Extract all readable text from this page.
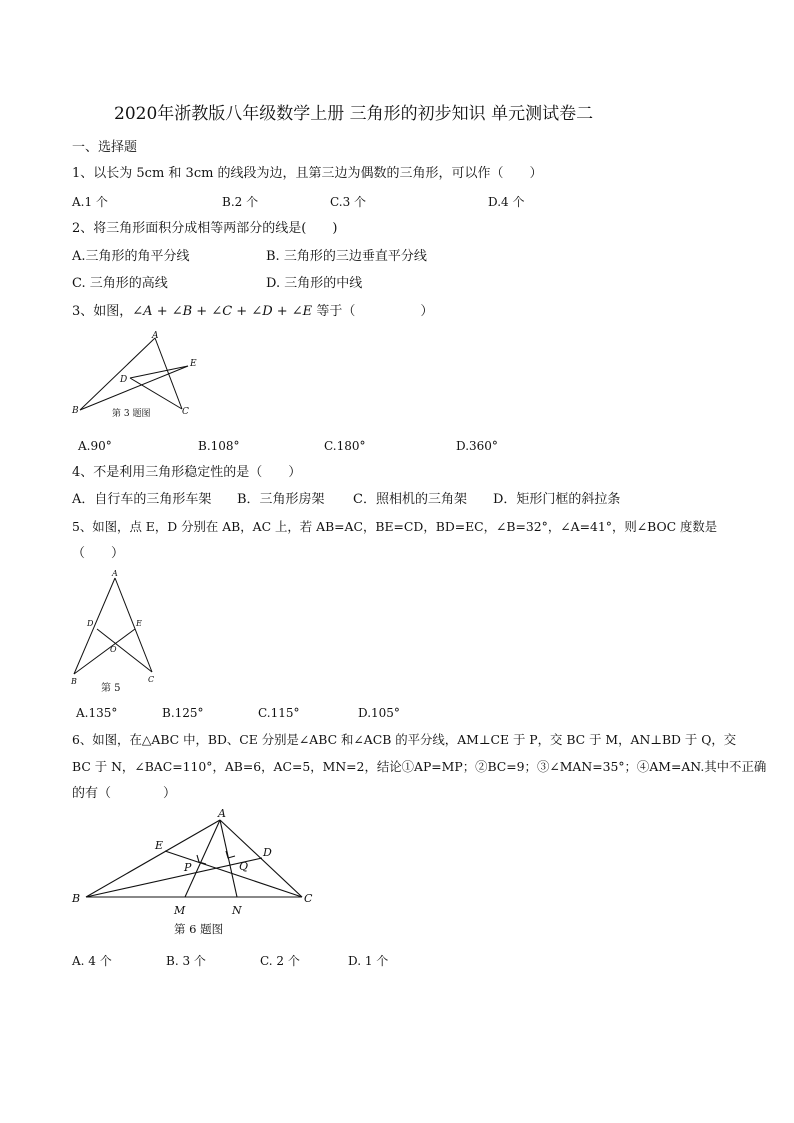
2020年浙教版八年级数学上册 三角形的初步知识 单元测试卷二
一、选择题
1、以长为 5cm 和 3cm 的线段为边，且第三边为偶数的三角形，可以作（　　）
A.1 个	B.2 个	C.3 个	D.4 个
2、将三角形面积分成相等两部分的线是(　　)
A.三角形的角平分线	B. 三角形的三边垂直平分线
C. 三角形的高线	D. 三角形的中线
3、如图，∠A + ∠B + ∠C + ∠D + ∠E 等于（　　　　　）
A
B	C
D
E
第 3 题图
A.90°	B.108°	C.180°	D.360°
4、不是利用三角形稳定性的是（　　）
A．自行车的三角形车架 B．三角形房架 C．照相机的三角架 D．矩形门框的斜拉条
5、如图，点 E，D 分别在 AB，AC 上，若 AB=AC，BE=CD，BD=EC，∠B=32°，∠A=41°，则∠BOC 度数是
（　　）
A
B	C
D	E
O
第 5
A.135°	B.125°	C.115°	D.105°
6、如图，在△ABC 中，BD、CE 分别是∠ABC 和∠ACB 的平分线，AM⊥CE 于 P，交 BC 于 M，AN⊥BD 于 Q，交
BC 于 N，∠BAC=110°，AB=6，AC=5，MN=2，结论①AP=MP；②BC=9；③∠MAN=35°；④AM=AN.其中不正确
的有（　　　　）
A
B	C
D
E
M	N
P	Q
第 6 题图
A. 4 个	B. 3 个	C. 2 个	D. 1 个
